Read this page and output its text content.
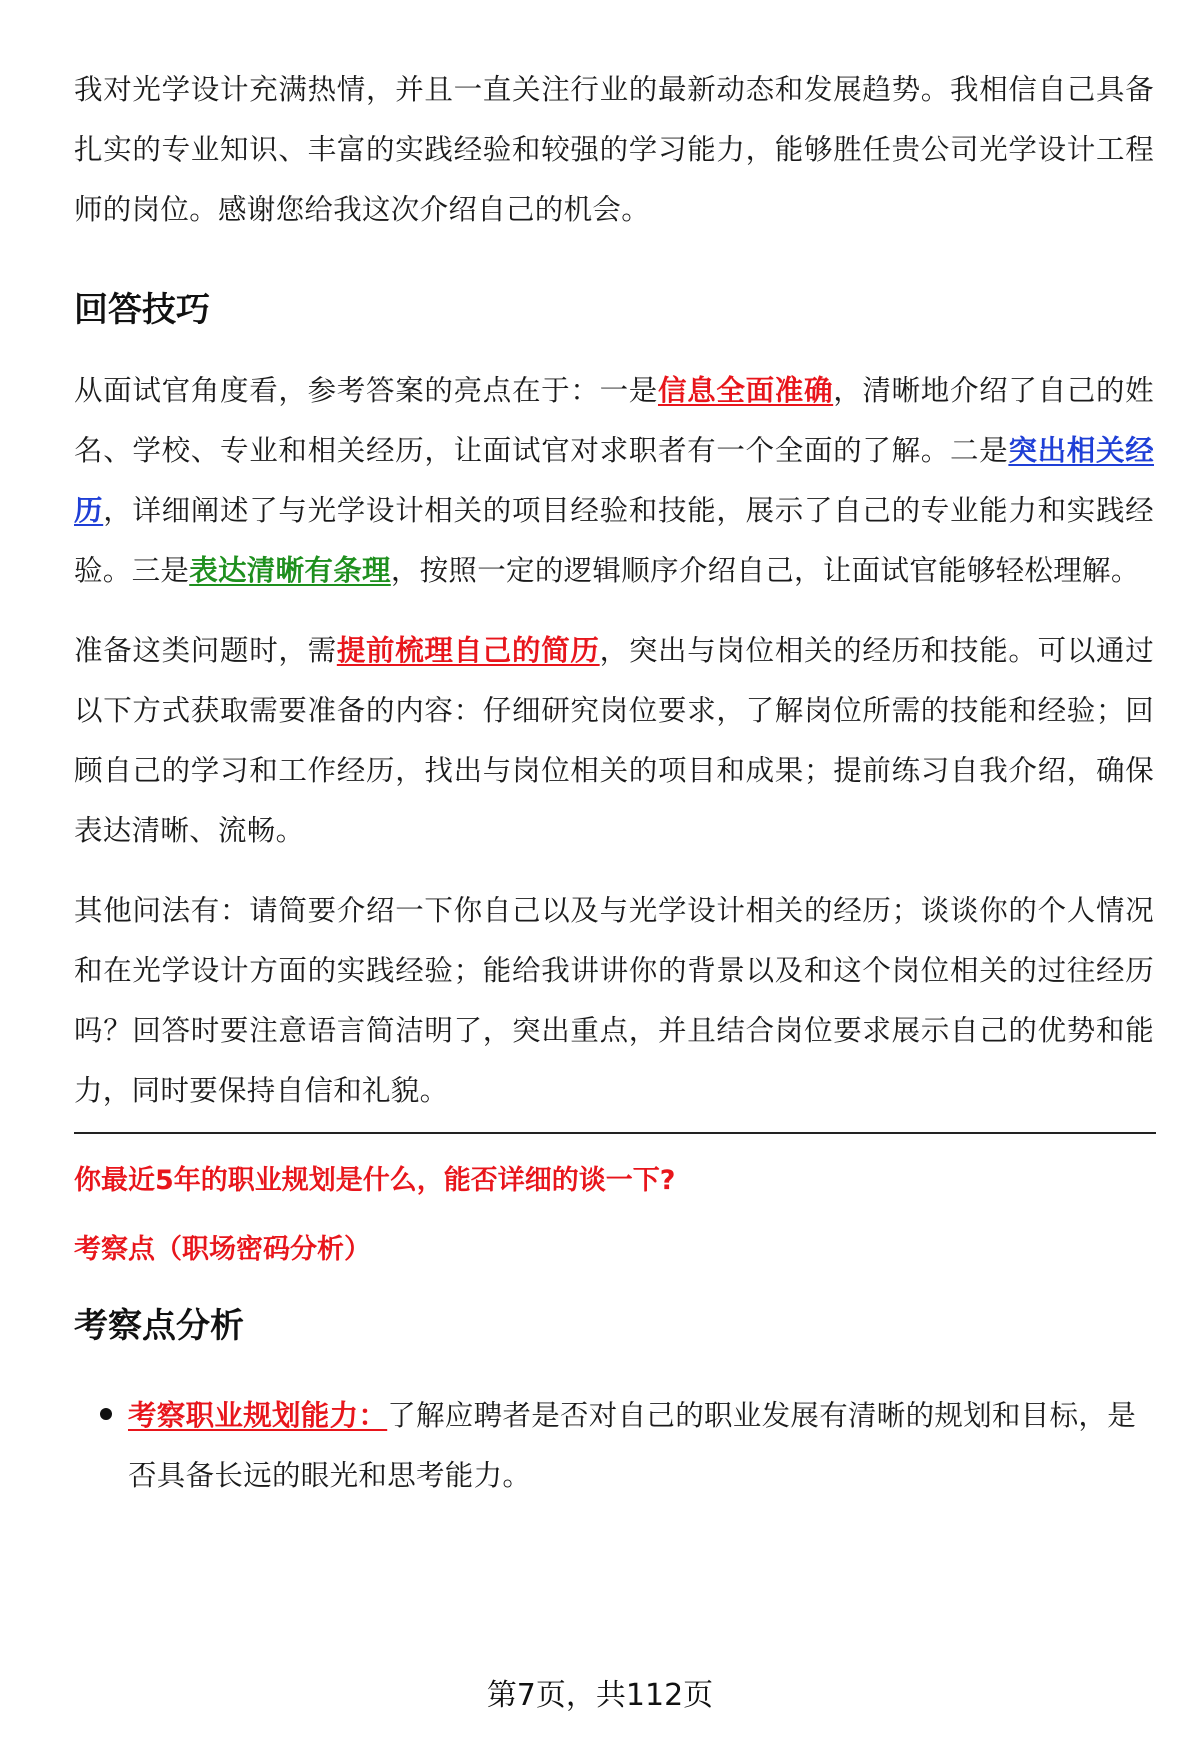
我对光学设计充满热情，并且一直关注行业的最新动态和发展趋势。我相信自己具备扎实的专业知识、丰富的实践经验和较强的学习能力，能够胜任贵公司光学设计工程师的岗位。感谢您给我这次介绍自己的机会。

回答技巧

从面试官角度看，参考答案的亮点在于：一是信息全面准确，清晰地介绍了自己的姓名、学校、专业和相关经历，让面试官对求职者有一个全面的了解。二是突出相关经历，详细阐述了与光学设计相关的项目经验和技能，展示了自己的专业能力和实践经验。三是表达清晰有条理，按照一定的逻辑顺序介绍自己，让面试官能够轻松理解。

准备这类问题时，需提前梳理自己的简历，突出与岗位相关的经历和技能。可以通过以下方式获取需要准备的内容：仔细研究岗位要求，了解岗位所需的技能和经验；回顾自己的学习和工作经历，找出与岗位相关的项目和成果；提前练习自我介绍，确保表达清晰、流畅。

其他问法有：请简要介绍一下你自己以及与光学设计相关的经历；谈谈你的个人情况和在光学设计方面的实践经验；能给我讲讲你的背景以及和这个岗位相关的过往经历吗？回答时要注意语言简洁明了，突出重点，并且结合岗位要求展示自己的优势和能力，同时要保持自信和礼貌。

你最近5年的职业规划是什么，能否详细的谈一下?

考察点（职场密码分析）

考察点分析
考察职业规划能力：了解应聘者是否对自己的职业发展有清晰的规划和目标，是否具备长远的眼光和思考能力。
第7页，共112页
